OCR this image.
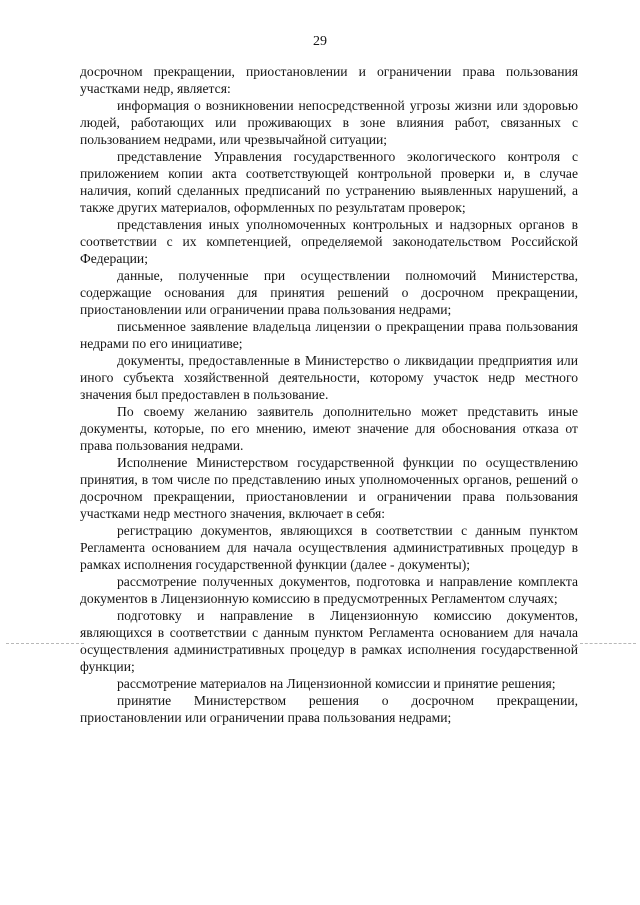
29

досрочном прекращении, приостановлении и ограничении права пользования участками недр, является:

информация о возникновении непосредственной угрозы жизни или здоровью людей, работающих или проживающих в зоне влияния работ, связанных с пользованием недрами, или чрезвычайной ситуации;

представление Управления государственного экологического контроля с приложением копии акта соответствующей контрольной проверки и, в случае наличия, копий сделанных предписаний по устранению выявленных нарушений, а также других материалов, оформленных по результатам проверок;

представления иных уполномоченных контрольных и надзорных органов в соответствии с их компетенцией, определяемой законодательством Российской Федерации;

данные, полученные при осуществлении полномочий Министерства, содержащие основания для принятия решений о досрочном прекращении, приостановлении или ограничении права пользования недрами;

письменное заявление владельца лицензии о прекращении права пользования недрами по его инициативе;

документы, предоставленные в Министерство о ликвидации предприятия или иного субъекта хозяйственной деятельности, которому участок недр местного значения был предоставлен в пользование.

По своему желанию заявитель дополнительно может представить иные документы, которые, по его мнению, имеют значение для обоснования отказа от права пользования недрами.

Исполнение Министерством государственной функции по осуществлению принятия, в том числе по представлению иных уполномоченных органов, решений о досрочном прекращении, приостановлении и ограничении права пользования участками недр местного значения, включает в себя:

регистрацию документов, являющихся в соответствии с данным пунктом Регламента основанием для начала осуществления административных процедур в рамках исполнения государственной функции (далее - документы);

рассмотрение полученных документов, подготовка и направление комплекта документов в Лицензионную комиссию в предусмотренных Регламентом случаях;

подготовку и направление в Лицензионную комиссию документов, являющихся в соответствии с данным пунктом Регламента основанием для начала осуществления административных процедур в рамках исполнения государственной функции;

рассмотрение материалов на Лицензионной комиссии и принятие решения;

принятие Министерством решения о досрочном прекращении, приостановлении или ограничении права пользования недрами;
